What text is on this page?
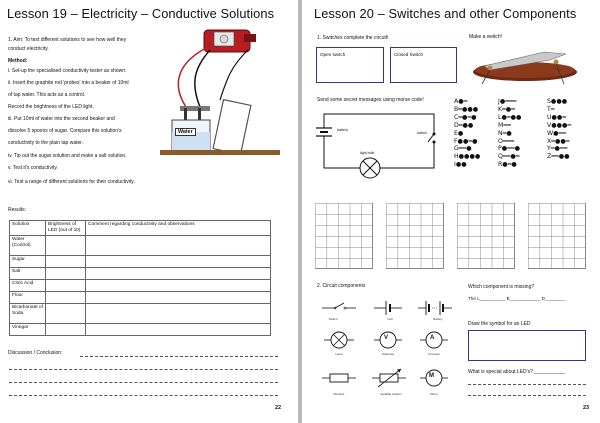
Lesson 19 – Electricity – Conductive Solutions
1. Aim: To test different solutions to see how well they
conduct electricity.
Method:
i. Set-up the specialised conductivity tester as shown:
ii. Insert the graphite rod 'probes' into a beaker of 10ml
of tap water. This acts as a control.
Record the brightness of the LED light.
iii. Put 10ml of water into the second beaker and
dissolve 5 spoons of sugar. Compare this solution's
conductivity to the plain tap water.
iv. Tip out the sugar solution and make a salt solution.
v. Test it's conductivity.
vi. Test a range of different solutions for their conductivity.
Water
Results:
Solution	Brightness of LED (out of 10)	Comment regarding conductivity and observations
Water (Control)		
Sugar		
Salt		
Citric Acid		
Flour		
Bicarbonate of Soda		
Vinegar		
Discussion / Conclusion:
22
Lesson 20 – Switches and other Components
1. Switches complete the circuit!
Open switch	Closed Switch
Make a switch!
Send some secret messages using morse code!
battery
switch
light bulb
A●━
B━●●●
C━●━●
D━●●
E●
F●●━●
G━━●
H●●●●
I●●
J●━━━
K━●━
L●━●●
M━━
N━●
O━━━
P●━━●
Q━━●━
R●━●
S●●●
T━
U●●━
V●●●━
W●━━
X━●●━
Y━●━━
Z━━●●
2. Circuit components
V	A
M
Switch	Cell	Battery
Lamp	Voltmeter	Ammeter
Resistor	Variable resistor	Motor
Which component is missing?
The L__________ E____________ D________
Draw the symbol for an LED
What is special about LED's? ___________
23
